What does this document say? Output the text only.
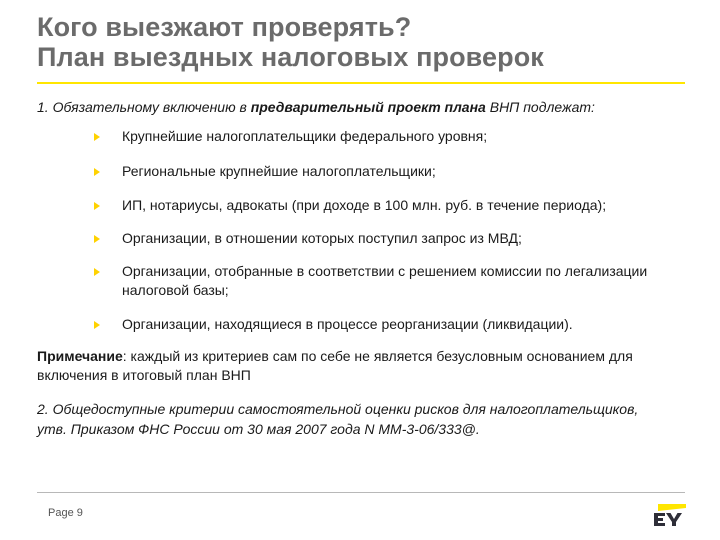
Кого выезжают проверять?
План выездных налоговых проверок
1. Обязательному включению в предварительный проект плана ВНП подлежат:
Крупнейшие налогоплательщики федерального уровня;
Региональные крупнейшие налогоплательщики;
ИП, нотариусы, адвокаты (при доходе в 100 млн. руб. в течение периода);
Организации, в отношении которых поступил запрос из МВД;
Организации, отобранные в соответствии с решением комиссии по легализации налоговой базы;
Организации, находящиеся в процессе реорганизации (ликвидации).
Примечание: каждый из критериев сам по себе не является безусловным основанием для включения в итоговый план ВНП
2. Общедоступные критерии самостоятельной оценки рисков для налогоплательщиков, утв. Приказом ФНС России от 30 мая 2007 года N ММ-3-06/333@.
Page 9
